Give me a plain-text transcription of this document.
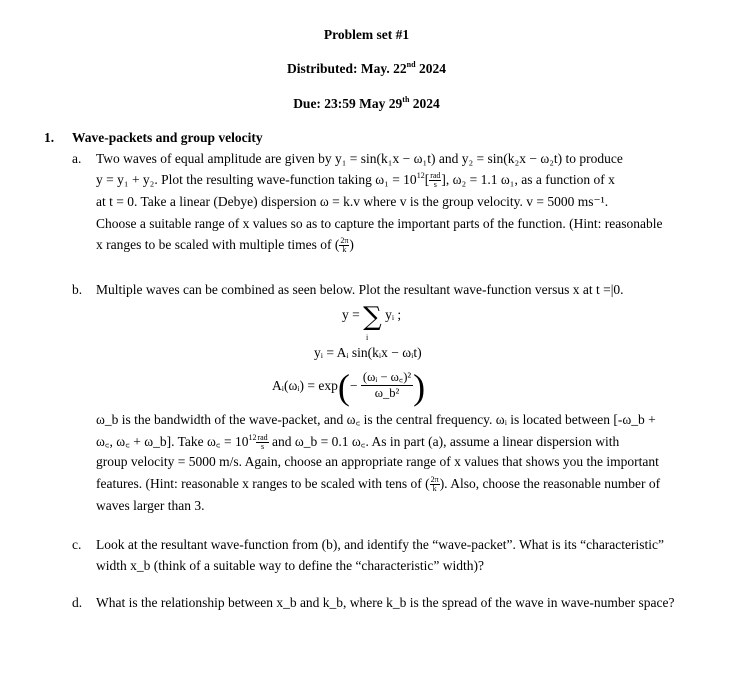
Problem set #1
Distributed: May. 22nd 2024
Due: 23:59 May 29th 2024
1. Wave-packets and group velocity
a. Two waves of equal amplitude are given by y₁ = sin(k₁x − ω₁t) and y₂ = sin(k₂x − ω₂t) to produce
y = y₁ + y₂. Plot the resulting wave-function taking $\omega_1 = 10^{12}[ \frac{\text{rad}}{s}$ ], ω₂ = 1.1 ω₁, as a function of x
at t = 0. Take a linear (Debye) dispersion ω = k.v where v is the group velocity. v = 5000 ms⁻¹.
Choose a suitable range of x values so as to capture the important parts of the function. (Hint: reasonable
x ranges to be scaled with multiple times of ( $\frac{2\pi}{k}$ )
b. Multiple waves can be combined as seen below. Plot the resultant wave-function versus x at t =|0.
y = ∑ yᵢ ;
i
yᵢ = Aᵢ sin(kᵢx − ωᵢt)
Aᵢ(ωᵢ) = $\exp(- \frac{\text{(ωᵢ − ω꜀)²}}{\text{ω\_b²}}$ )
ω_b is the bandwidth of the wave-packet, and ω꜀ is the central frequency. ωᵢ is located between [-ω_b +
ω꜀, ω꜀ + ω_b]. Take ω꜀ = $10^{12} \frac{\text{rad}}{s}$ and ω_b = 0.1 ω꜀. As in part (a), assume a linear dispersion with
group velocity = 5000 m/s. Again, choose an appropriate range of x values that shows you the important
features. (Hint: reasonable x ranges to be scaled with tens of ( $\frac{2\pi}{k}$ ). Also, choose the reasonable number of
waves larger than 3.
c. Look at the resultant wave-function from (b), and identify the “wave-packet”. What is its “characteristic”
width x_b (think of a suitable way to define the “characteristic” width)?
d. What is the relationship between x_b and k_b, where k_b is the spread of the wave in wave-number space?
